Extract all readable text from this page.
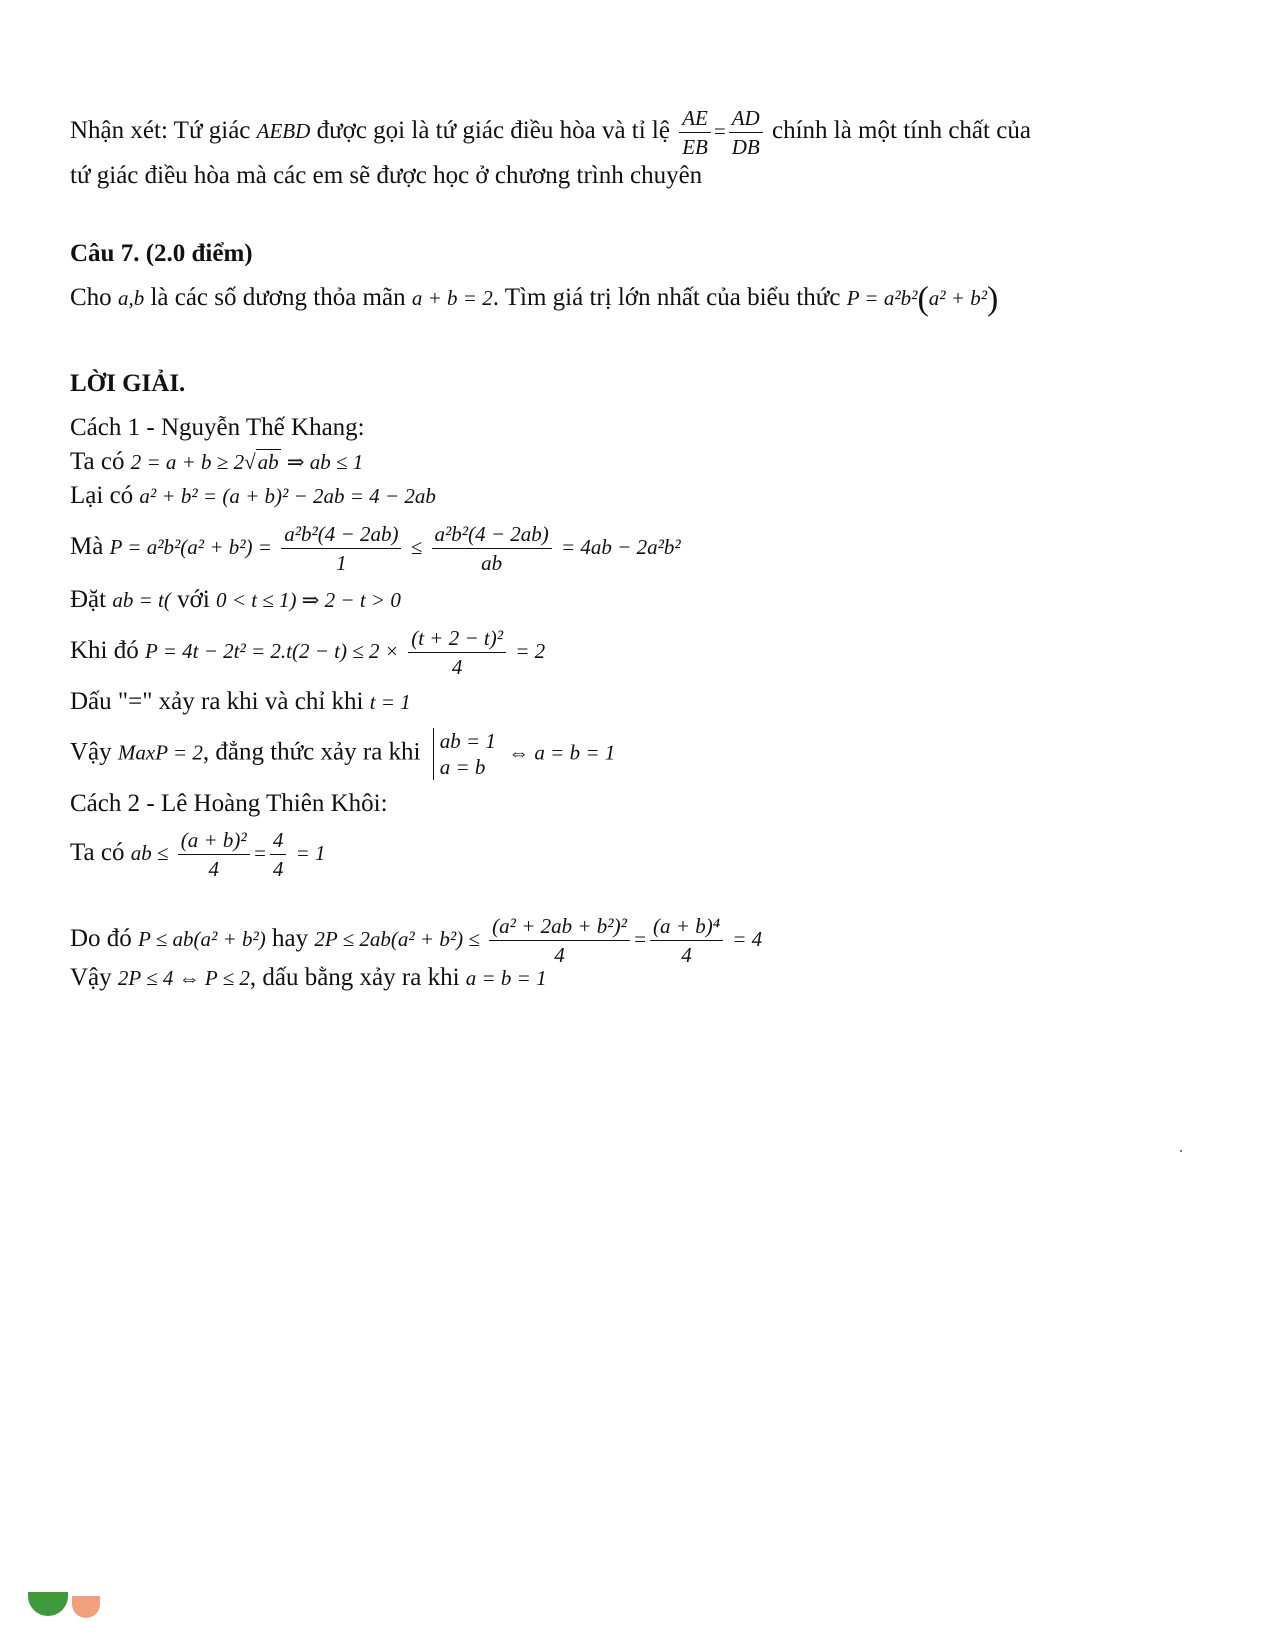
Nhận xét: Tứ giác AEBD được gọi là tứ giác điều hòa và tỉ lệ $\frac{AE}{EB} = \frac{AD}{DB}$ chính là một tính chất của
tứ giác điều hòa mà các em sẽ được học ở chương trình chuyên
Câu 7. (2.0 điểm)
Cho a,b là các số dương thỏa mãn a + b = 2. Tìm giá trị lớn nhất của biểu thức P = a²b²(a² + b²)
LỜI GIẢI.
Cách 1 - Nguyễn Thế Khang:
Ta có 2 = a + b ≥ 2√ab ⇒ ab ≤ 1
Lại có a² + b² = (a + b)² − 2ab = 4 − 2ab
Mà $P = a^2b^2(a^2 + b^2) = \frac{\text{a²b²(4 − 2ab)}}{1} \le \frac{\text{a²b²(4 − 2ab)}}{ab} = 4ab - 2a^2b^2$
Đặt ab = t( với 0 < t ≤ 1) ⇒ 2 − t > 0
Khi đó $P = 4t - 2t^2 = 2.t(2 - t) \le 2 \times \frac{\text{(t + 2 − t)²}}{4} = 2$
Dấu "=" xảy ra khi và chỉ khi t = 1
Vậy MaxP = 2, đẳng thức xảy ra khi ab = 1
a = b
⇔ a = b = 1
Cách 2 - Lê Hoàng Thiên Khôi:
Ta có ab ≤ $\frac{\text{(a + b)²}}{4} = \frac{4}{4} = 1$
Do đó P ≤ ab(a² + b²) hay $2P \le 2ab(a^2 + b^2) \le \frac{\text{(a² + 2ab + b²)²}}{4} = \frac{\text{(a + b)⁴}}{4} = 4$
Vậy 2P ≤ 4 ⇔ P ≤ 2, dấu bằng xảy ra khi a = b = 1
